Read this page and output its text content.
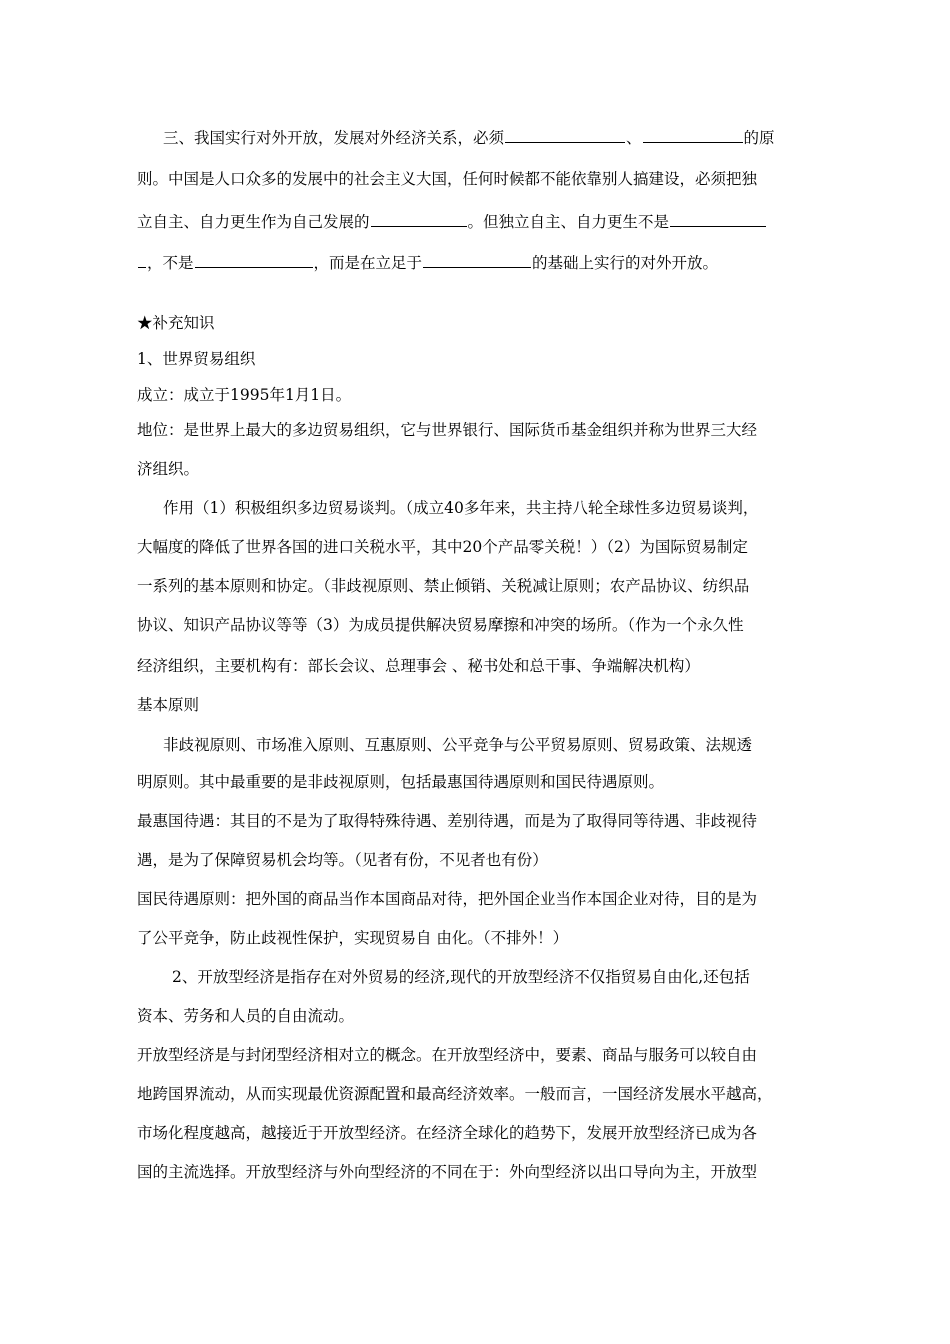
三、我国实行对外开放，发展对外经济关系，必须	、	的原
则。中国是人口众多的发展中的社会主义大国，任何时候都不能依靠别人搞建设，必须把独
立自主、自力更生作为自己发展的	。但独立自主、自力更生不是
，不是	，而是在立足于	的基础上实行的对外开放。
★补充知识
1、世界贸易组织
成立：成立于1995年1月1日。
地位：是世界上最大的多边贸易组织，它与世界银行、国际货币基金组织并称为世界三大经
济组织。
作用（1）积极组织多边贸易谈判。（成立40多年来，共主持八轮全球性多边贸易谈判，
大幅度的降低了世界各国的进口关税水平，其中20个产品零关税！）（2）为国际贸易制定
一系列的基本原则和协定。（非歧视原则、禁止倾销、关税减让原则；农产品协议、纺织品
协议、知识产品协议等等（3）为成员提供解决贸易摩擦和冲突的场所。（作为一个永久性
经济组织，主要机构有：部长会议、总理事会 、秘书处和总干事、争端解决机构）
基本原则
非歧视原则、市场准入原则、互惠原则、公平竞争与公平贸易原则、贸易政策、法规透
明原则。其中最重要的是非歧视原则，包括最惠国待遇原则和国民待遇原则。
最惠国待遇：其目的不是为了取得特殊待遇、差别待遇，而是为了取得同等待遇、非歧视待
遇，是为了保障贸易机会均等。（见者有份，不见者也有份）
国民待遇原则：把外国的商品当作本国商品对待，把外国企业当作本国企业对待，目的是为
了公平竞争，防止歧视性保护，实现贸易自 由化。（不排外！）
2、开放型经济是指存在对外贸易的经济,现代的开放型经济不仅指贸易自由化,还包括
资本、劳务和人员的自由流动。
开放型经济是与封闭型经济相对立的概念。在开放型经济中，要素、商品与服务可以较自由
地跨国界流动，从而实现最优资源配置和最高经济效率。一般而言，一国经济发展水平越高，
市场化程度越高，越接近于开放型经济。在经济全球化的趋势下，发展开放型经济已成为各
国的主流选择。开放型经济与外向型经济的不同在于：外向型经济以出口导向为主，开放型
